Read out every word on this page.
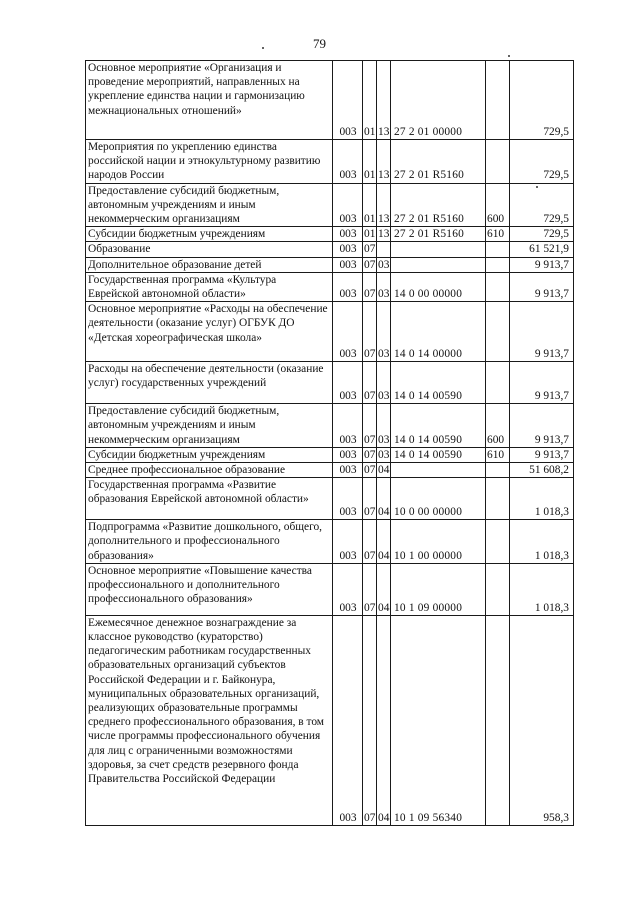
79
Основное мероприятие «Организация и проведение мероприятий, направленных на укрепление единства нации и гармонизацию межнациональных отношений»	003	01	13	27 2 01 00000		729,5
Мероприятия по укреплению единства российской нации и этнокультурному развитию народов России	003	01	13	27 2 01 R5160		729,5
Предоставление субсидий бюджетным, автономным учреждениям и иным некоммерческим организациям	003	01	13	27 2 01 R5160	600	729,5
Субсидии бюджетным учреждениям	003	01	13	27 2 01 R5160	610	729,5
Образование	003	07				61 521,9
Дополнительное образование детей	003	07	03			9 913,7
Государственная программа «Культура Еврейской автономной области»	003	07	03	14 0 00 00000		9 913,7
Основное мероприятие «Расходы на обеспечение деятельности (оказание услуг) ОГБУК ДО «Детская хореографическая школа»	003	07	03	14 0 14 00000		9 913,7
Расходы на обеспечение деятельности (оказание услуг) государственных учреждений	003	07	03	14 0 14 00590		9 913,7
Предоставление субсидий бюджетным, автономным учреждениям и иным некоммерческим организациям	003	07	03	14 0 14 00590	600	9 913,7
Субсидии бюджетным учреждениям	003	07	03	14 0 14 00590	610	9 913,7
Среднее профессиональное образование	003	07	04			51 608,2
Государственная программа «Развитие образования Еврейской автономной области»	003	07	04	10 0 00 00000		1 018,3
Подпрограмма «Развитие дошкольного, общего, дополнительного и профессионального образования»	003	07	04	10 1 00 00000		1 018,3
Основное мероприятие «Повышение качества профессионального и дополнительного профессионального образования»	003	07	04	10 1 09 00000		1 018,3
Ежемесячное денежное вознаграждение за классное руководство (кураторство) педагогическим работникам государственных образовательных организаций субъектов Российской Федерации и г. Байконура, муниципальных образовательных организаций, реализующих образовательные программы среднего профессионального образования, в том числе программы профессионального обучения для лиц с ограниченными возможностями здоровья, за счет средств резервного фонда Правительства Российской Федерации	003	07	04	10 1 09 56340		958,3
